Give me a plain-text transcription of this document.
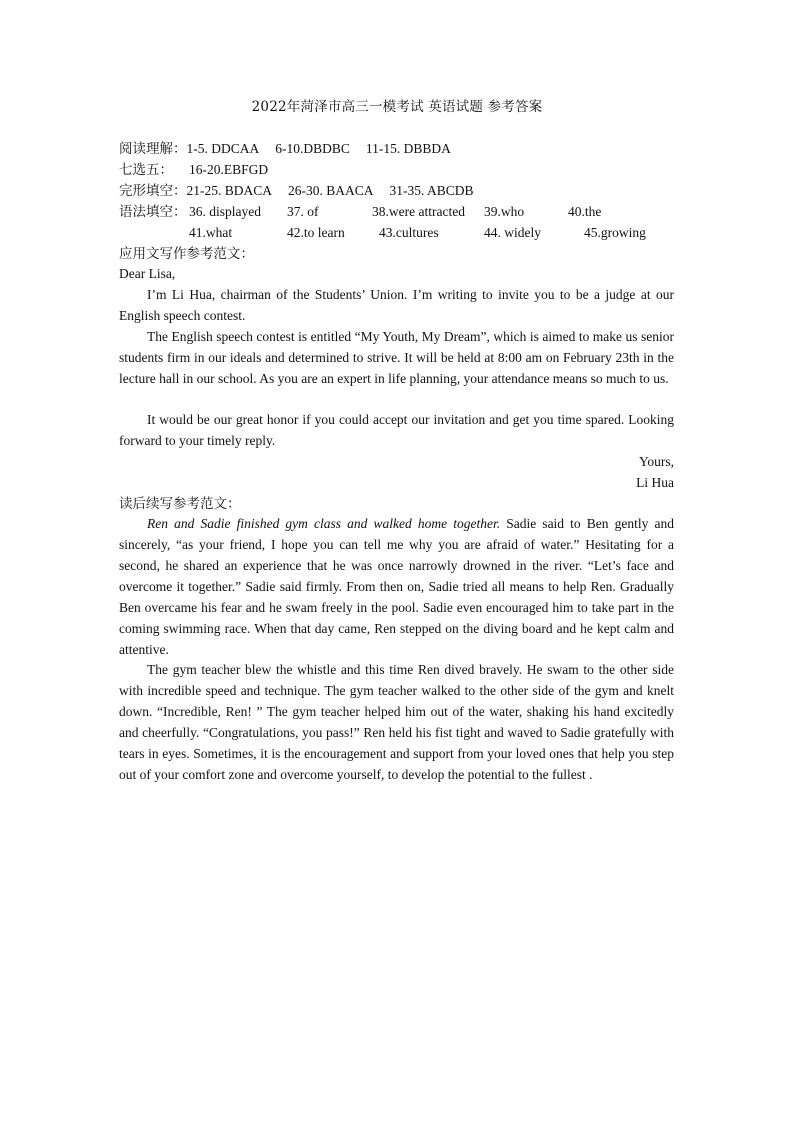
2022年菏泽市高三一模考试 英语试题 参考答案
阅读理解：1-5. DDCAA 6-10.DBDBC 11-15. DBBDA
七选五： 16-20.EBFGD
完形填空：21-25. BDACA 26-30. BAACA 31-35. ABCDB
语法填空： 36. displayed 37. of	38.were attracted 39.who	40.the
41.what	42.to learn	43.cultures	44. widely	45.growing
应用文写作参考范文：
Dear Lisa,
I’m Li Hua, chairman of the Students’ Union. I’m writing to invite you to be a judge at our English speech contest.
The English speech contest is entitled “My Youth, My Dream”, which is aimed to make us senior students firm in our ideals and determined to strive. It will be held at 8:00 am on February 23th in the lecture hall in our school. As you are an expert in life planning, your attendance means so much to us.
It would be our great honor if you could accept our invitation and get you time spared. Looking forward to your timely reply.
Yours,
Li Hua
读后续写参考范文：
Ren and Sadie finished gym class and walked home together. Sadie said to Ben gently and sincerely, “as your friend, I hope you can tell me why you are afraid of water.” Hesitating for a second, he shared an experience that he was once narrowly drowned in the river. “Let’s face and overcome it together.” Sadie said firmly. From then on, Sadie tried all means to help Ren. Gradually Ben overcame his fear and he swam freely in the pool. Sadie even encouraged him to take part in the coming swimming race. When that day came, Ren stepped on the diving board and he kept calm and attentive.
The gym teacher blew the whistle and this time Ren dived bravely. He swam to the other side with incredible speed and technique. The gym teacher walked to the other side of the gym and knelt down. “Incredible, Ren! ” The gym teacher helped him out of the water, shaking his hand excitedly and cheerfully. “Congratulations, you pass!” Ren held his fist tight and waved to Sadie gratefully with tears in eyes. Sometimes, it is the encouragement and support from your loved ones that help you step out of your comfort zone and overcome yourself, to develop the potential to the fullest .
